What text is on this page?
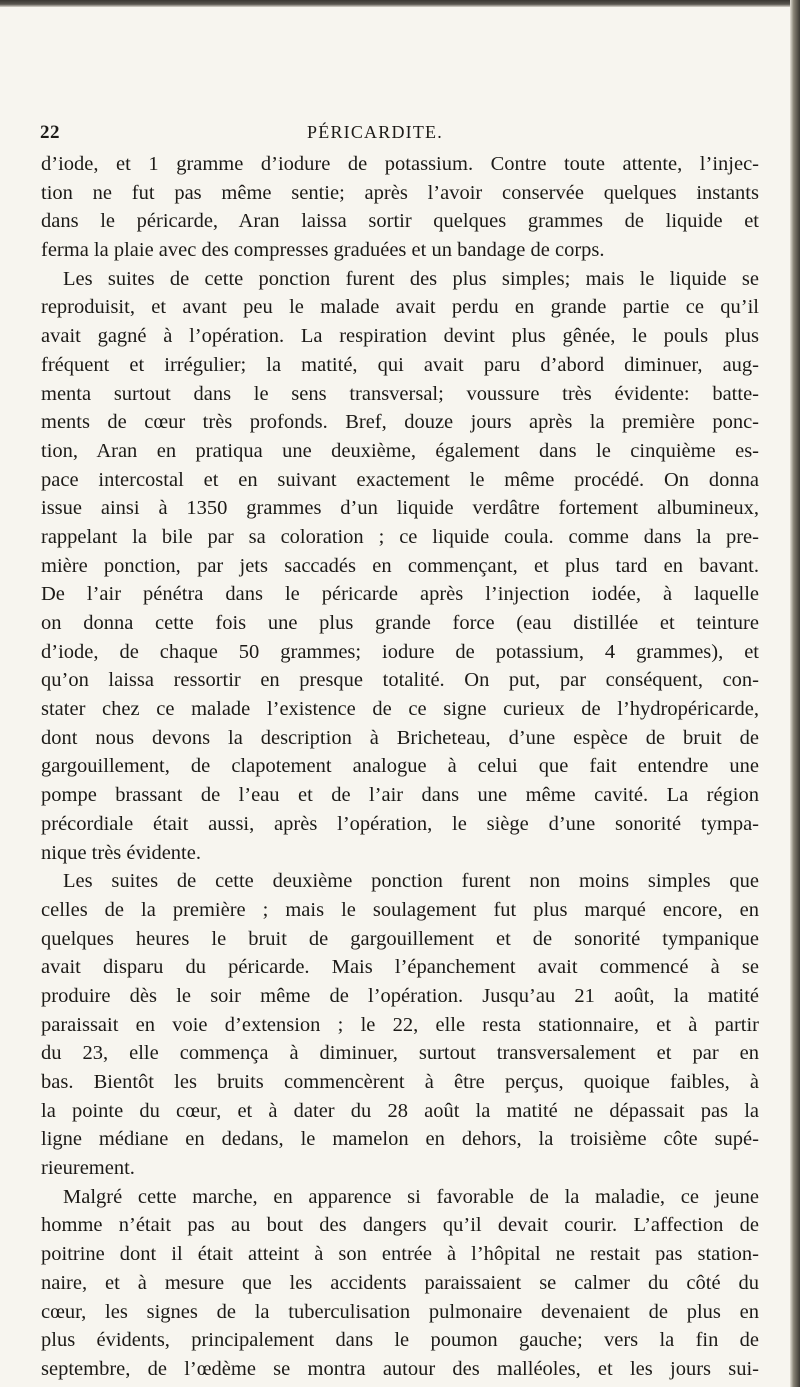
22	PÉRICARDITE.
d’iode, et 1 gramme d’iodure de potassium. Contre toute attente, l’injec-
tion ne fut pas même sentie; après l’avoir conservée quelques instants
dans le péricarde, Aran laissa sortir quelques grammes de liquide et
ferma la plaie avec des compresses graduées et un bandage de corps.
Les suites de cette ponction furent des plus simples; mais le liquide se
reproduisit, et avant peu le malade avait perdu en grande partie ce qu’il
avait gagné à l’opération. La respiration devint plus gênée, le pouls plus
fréquent et irrégulier; la matité, qui avait paru d’abord diminuer, aug-
menta surtout dans le sens transversal; voussure très évidente: batte-
ments de cœur très profonds. Bref, douze jours après la première ponc-
tion, Aran en pratiqua une deuxième, également dans le cinquième es-
pace intercostal et en suivant exactement le même procédé. On donna
issue ainsi à 1350 grammes d’un liquide verdâtre fortement albumineux,
rappelant la bile par sa coloration ; ce liquide coula. comme dans la pre-
mière ponction, par jets saccadés en commençant, et plus tard en bavant.
De l’air pénétra dans le péricarde après l’injection iodée, à laquelle
on donna cette fois une plus grande force (eau distillée et teinture
d’iode, de chaque 50 grammes; iodure de potassium, 4 grammes), et
qu’on laissa ressortir en presque totalité. On put, par conséquent, con-
stater chez ce malade l’existence de ce signe curieux de l’hydropéricarde,
dont nous devons la description à Bricheteau, d’une espèce de bruit de
gargouillement, de clapotement analogue à celui que fait entendre une
pompe brassant de l’eau et de l’air dans une même cavité. La région
précordiale était aussi, après l’opération, le siège d’une sonorité tympa-
nique très évidente.
Les suites de cette deuxième ponction furent non moins simples que
celles de la première ; mais le soulagement fut plus marqué encore, en
quelques heures le bruit de gargouillement et de sonorité tympanique
avait disparu du péricarde. Mais l’épanchement avait commencé à se
produire dès le soir même de l’opération. Jusqu’au 21 août, la matité
paraissait en voie d’extension ; le 22, elle resta stationnaire, et à partir
du 23, elle commença à diminuer, surtout transversalement et par en
bas. Bientôt les bruits commencèrent à être perçus, quoique faibles, à
la pointe du cœur, et à dater du 28 août la matité ne dépassait pas la
ligne médiane en dedans, le mamelon en dehors, la troisième côte supé-
rieurement.
Malgré cette marche, en apparence si favorable de la maladie, ce jeune
homme n’était pas au bout des dangers qu’il devait courir. L’affection de
poitrine dont il était atteint à son entrée à l’hôpital ne restait pas station-
naire, et à mesure que les accidents paraissaient se calmer du côté du
cœur, les signes de la tuberculisation pulmonaire devenaient de plus en
plus évidents, principalement dans le poumon gauche; vers la fin de
septembre, de l’œdème se montra autour des malléoles, et les jours sui-
